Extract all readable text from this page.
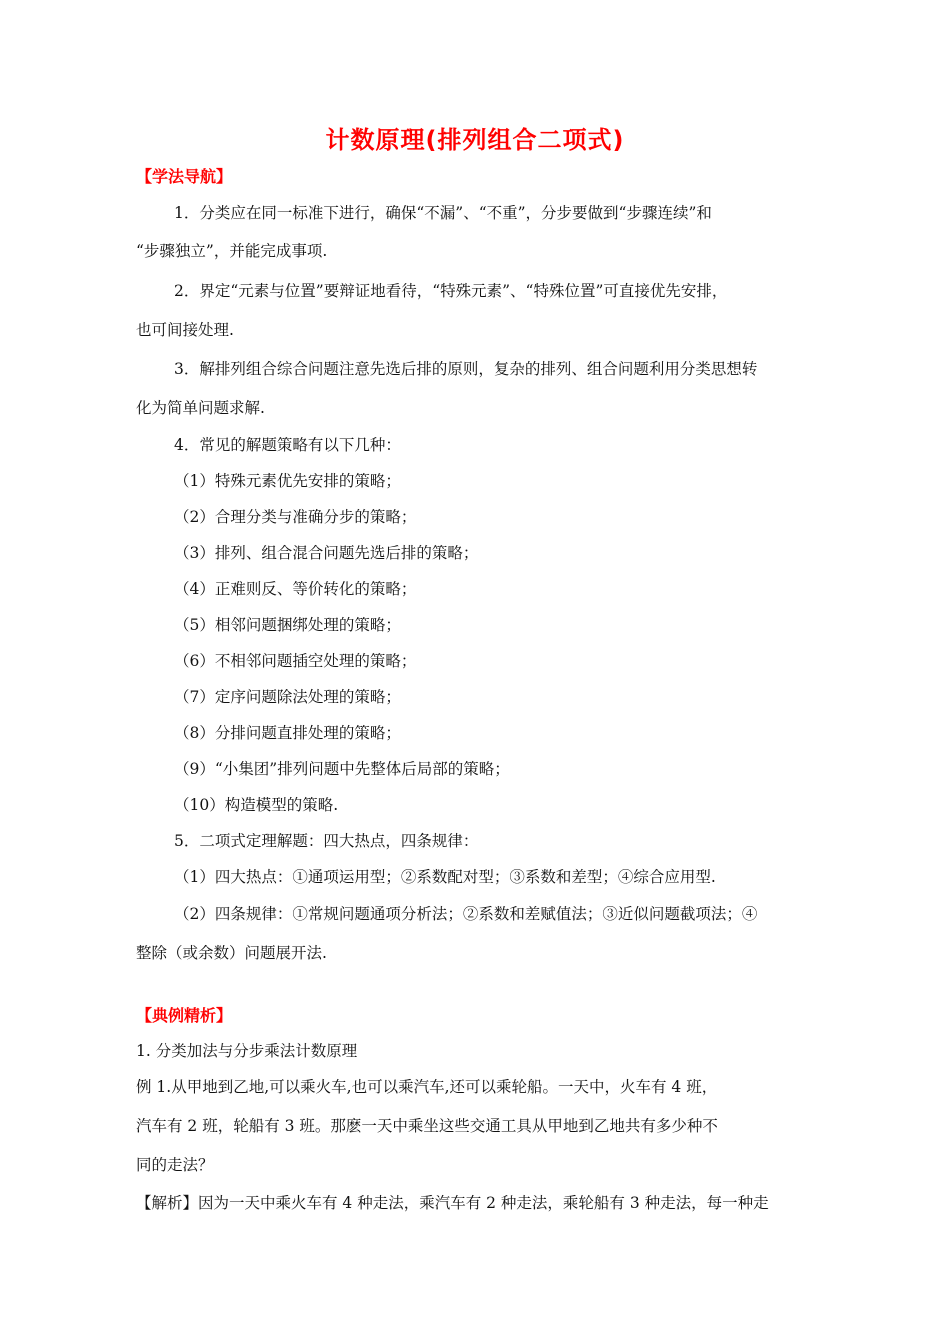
计数原理(排列组合二项式)
【学法导航】
1．分类应在同一标准下进行，确保“不漏”、“不重”，分步要做到“步骤连续”和
“步骤独立”，并能完成事项.
2．界定“元素与位置”要辩证地看待，“特殊元素”、“特殊位置”可直接优先安排，
也可间接处理.
3．解排列组合综合问题注意先选后排的原则，复杂的排列、组合问题利用分类思想转
化为简单问题求解.
4．常见的解题策略有以下几种：
（1）特殊元素优先安排的策略；
（2）合理分类与准确分步的策略；
（3）排列、组合混合问题先选后排的策略；
（4）正难则反、等价转化的策略；
（5）相邻问题捆绑处理的策略；
（6）不相邻问题插空处理的策略；
（7）定序问题除法处理的策略；
（8）分排问题直排处理的策略；
（9）“小集团”排列问题中先整体后局部的策略；
（10）构造模型的策略.
5．二项式定理解题：四大热点，四条规律：
（1）四大热点：①通项运用型；②系数配对型；③系数和差型；④综合应用型.
（2）四条规律：①常规问题通项分析法；②系数和差赋值法；③近似问题截项法；④
整除（或余数）问题展开法.
【典例精析】
1. 分类加法与分步乘法计数原理
例 1.从甲地到乙地,可以乘火车,也可以乘汽车,还可以乘轮船。一天中，火车有 4 班，
汽车有 2 班，轮船有 3 班。那麽一天中乘坐这些交通工具从甲地到乙地共有多少种不
同的走法？
【解析】因为一天中乘火车有 4 种走法，乘汽车有 2 种走法，乘轮船有 3 种走法，每一种走
